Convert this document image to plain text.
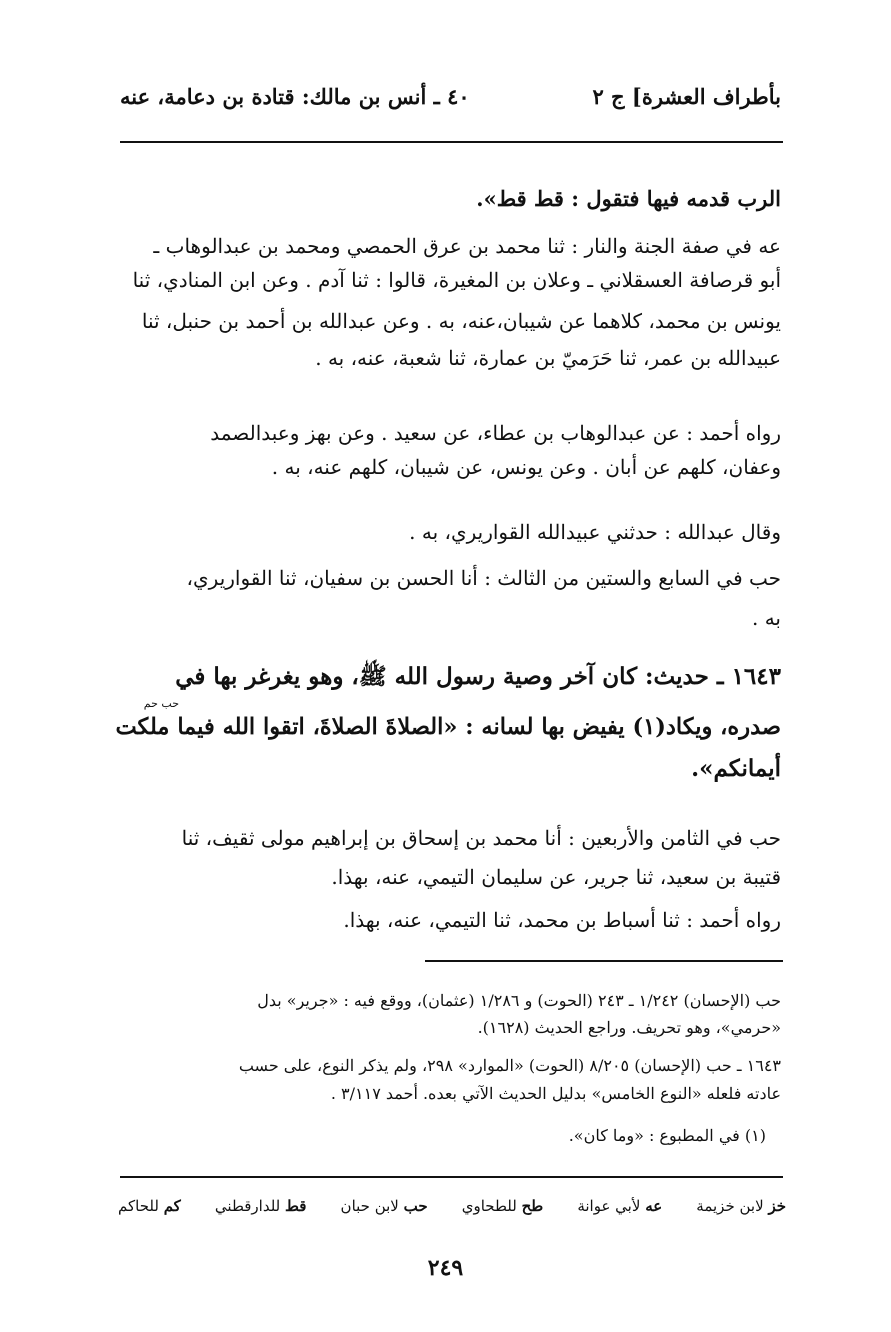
بأطراف العشرة] ج ٢
٤٠ ـ أنس بن مالك: قتادة بن دعامة، عنه
الرب قدمه فيها فتقول : قط قط».
عه في صفة الجنة والنار : ثنا محمد بن عرق الحمصي ومحمد بن عبدالوهاب ـ
أبو قرصافة العسقلاني ـ وعلان بن المغيرة، قالوا : ثنا آدم . وعن ابن المنادي، ثنا
يونس بن محمد، كلاهما عن شيبان،عنه، به . وعن عبدالله بن أحمد بن حنبل، ثنا
عبيدالله بن عمر، ثنا حَرَميّ بن عمارة، ثنا شعبة، عنه، به .
رواه أحمد : عن عبدالوهاب بن عطاء، عن سعيد . وعن بهز وعبدالصمد
وعفان، كلهم عن أبان . وعن يونس، عن شيبان، كلهم عنه، به .
وقال عبدالله : حدثني عبيدالله القواريري، به .
حب في السابع والستين من الثالث : أنا الحسن بن سفيان، ثنا القواريري،
به .
١٦٤٣ ـ حديث: كان آخر وصية رسول الله ﷺ، وهو يغرغر بها في
حب حم
صدره، ويكاد(١) يفيض بها لسانه : «الصلاةَ الصلاةَ، اتقوا الله فيما ملكت
أيمانكم».
حب في الثامن والأربعين : أنا محمد بن إسحاق بن إبراهيم مولى ثقيف، ثنا
قتيبة بن سعيد، ثنا جرير، عن سليمان التيمي، عنه، بهذا.
رواه أحمد : ثنا أسباط بن محمد، ثنا التيمي، عنه، بهذا.
حب (الإحسان) ١/٢٤٢ ـ ٢٤٣ (الحوت) و ١/٢٨٦ (عثمان)، ووقع فيه : «جرير» بدل
«حرمي»، وهو تحريف. وراجع الحديث (١٦٢٨).
١٦٤٣ ـ حب (الإحسان) ٨/٢٠٥ (الحوت) «الموارد» ٢٩٨، ولم يذكر النوع، على حسب
عادته فلعله «النوع الخامس» بدليل الحديث الآتي بعده. أحمد ٣/١١٧ .
(١) في المطبوع : «وما كان».
خز لابن خزيمة
عه لأبي عوانة
طح للطحاوي
حب لابن حبان
قط للدارقطني
كم للحاكم
٢٤٩
